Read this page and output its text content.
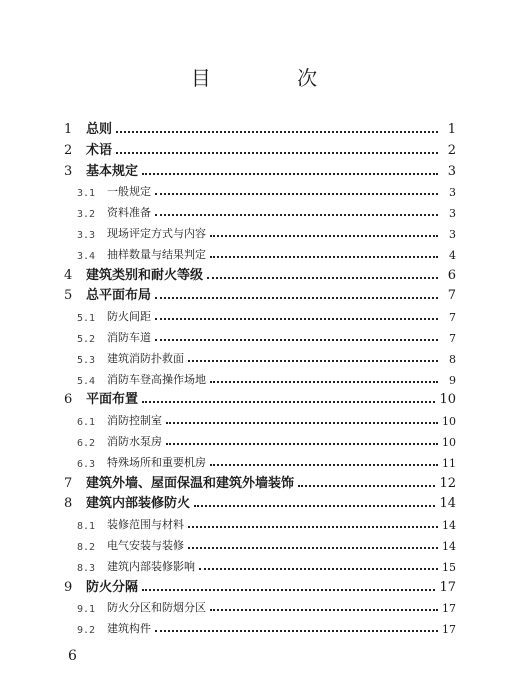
目 次
1	总则	1
2	术语	2
3	基本规定	3
3.1	一般规定	3
3.2	资料准备	3
3.3	现场评定方式与内容	3
3.4	抽样数量与结果判定	4
4	建筑类别和耐火等级	6
5	总平面布局	7
5.1	防火间距	7
5.2	消防车道	7
5.3	建筑消防扑救面	8
5.4	消防车登高操作场地	9
6	平面布置	10
6.1	消防控制室	10
6.2	消防水泵房	10
6.3	特殊场所和重要机房	11
7	建筑外墙、屋面保温和建筑外墙装饰	12
8	建筑内部装修防火	14
8.1	装修范围与材料	14
8.2	电气安装与装修	14
8.3	建筑内部装修影响	15
9	防火分隔	17
9.1	防火分区和防烟分区	17
9.2	建筑构件	17
6
